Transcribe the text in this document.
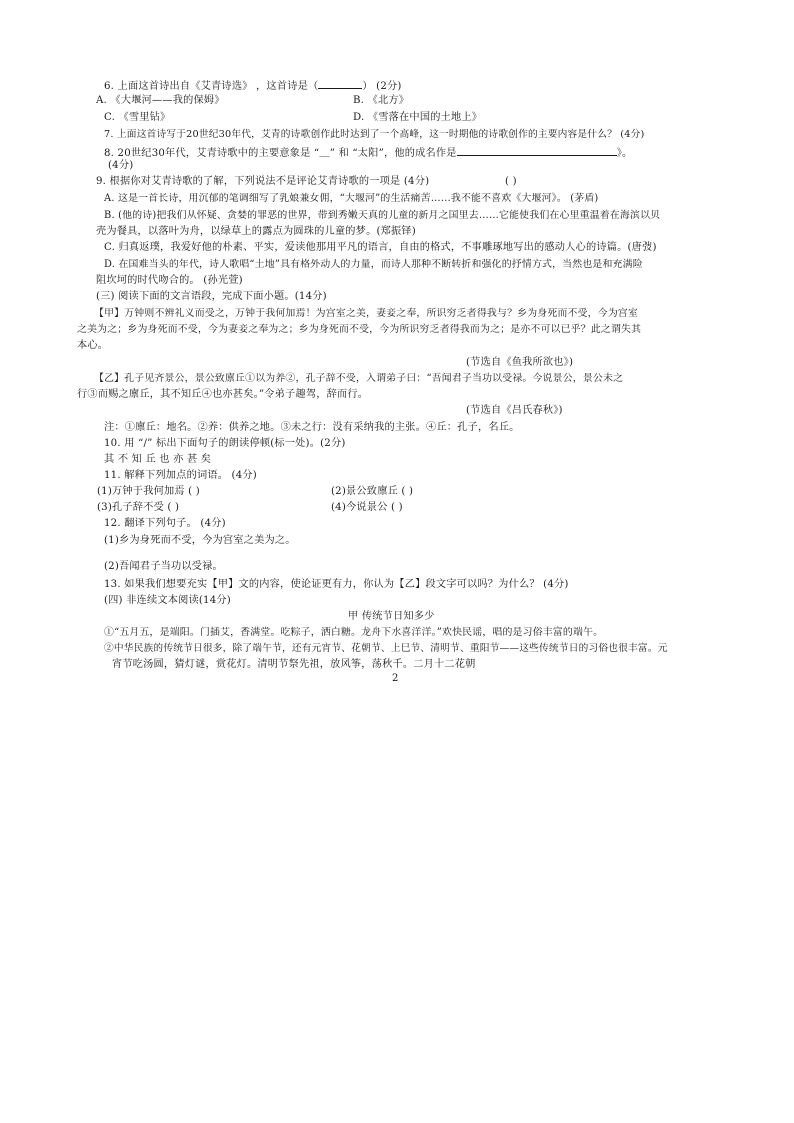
6. 上面这首诗出自《艾青诗选》 ，这首诗是（	） (2分)
A. 《大堰河——我的保姆》	B. 《北方》
C. 《雪里钻》	D. 《雪落在中国的土地上》
7. 上面这首诗写于20世纪30年代，艾青的诗歌创作此时达到了一个高峰，这一时期他的诗歌创作的主要内容是什么？ (4分)
8. 20世纪30年代，艾青诗歌中的主要意象是 “＿” 和 “太阳”，他的成名作是	》。
(4分)
9. 根据你对艾青诗歌的了解，下列说法不是评论艾青诗歌的一项是 (4分)	( )
A. 这是一首长诗，用沉郁的笔调细写了乳娘兼女佣，“大堰河”的生活痛苦……我不能不喜欢《大堰河》。 (茅盾)
B. (他的诗)把我们从怀疑、贪婪的罪恶的世界，带到秀嫩天真的儿童的新月之国里去……它能使我们在心里重温着在海滨以贝
壳为餐具，以落叶为舟，以绿草上的露点为圆珠的儿童的梦。(郑振铎)
C. 归真返璞，我爱好他的朴素、平实，爱读他那用平凡的语言，自由的格式，不事雕琢地写出的感动人心的诗篇。(唐弢)
D. 在国难当头的年代，诗人歌唱“土地”具有格外动人的力量，而诗人那种不断转折和强化的抒情方式，当然也是和充满险
阻坎坷的时代吻合的。 (孙光萱)
(三) 阅读下面的文言语段，完成下面小题。(14分)
【甲】万钟则不辨礼义而受之，万钟于我何加焉！为宫室之美，妻妾之奉，所识穷乏者得我与？乡为身死而不受，今为宫室
之美为之；乡为身死而不受，今为妻妾之奉为之；乡为身死而不受，今为所识穷乏者得我而为之；是亦不可以已乎？此之谓失其
本心。
(节选自《鱼我所欲也》)
【乙】孔子见齐景公，景公致廪丘①以为养②，孔子辞不受，入谓弟子曰：“吾闻君子当功以受禄。今说景公，景公未之
行③而赐之廪丘，其不知丘④也亦甚矣。”令弟子趣驾，辞而行。
(节选自《吕氏春秋》)
注：①廪丘：地名。②养：供养之地。③未之行：没有采纳我的主张。④丘：孔子，名丘。
10. 用 “/” 标出下面句子的朗读停顿(标一处)。(2分)
其 不 知 丘 也 亦 甚 矣
11. 解释下列加点的词语。 (4分)
(1)万钟于我何加焉 ( )	(2)景公致廪丘 ( )
(3)孔子辞不受 ( )	(4)今说景公 ( )
12. 翻译下列句子。 (4分)
(1)乡为身死而不受，今为宫室之美为之。
(2)吾闻君子当功以受禄。
13. 如果我们想要充实【甲】文的内容，使论证更有力，你认为【乙】段文字可以吗？为什么？ (4分)
(四) 非连续文本阅读(14分)
甲 传统节日知多少
①“五月五，是端阳。门插艾，香满堂。吃粽子，洒白糖。龙舟下水喜洋洋。”欢快民谣，唱的是习俗丰富的端午。
②中华民族的传统节日很多，除了端午节，还有元宵节、花朝节、上巳节、清明节、重阳节——这些传统节日的习俗也很丰富。元
宵节吃汤圆，猜灯谜，赏花灯。清明节祭先祖，放风筝，荡秋千。二月十二花朝
2
